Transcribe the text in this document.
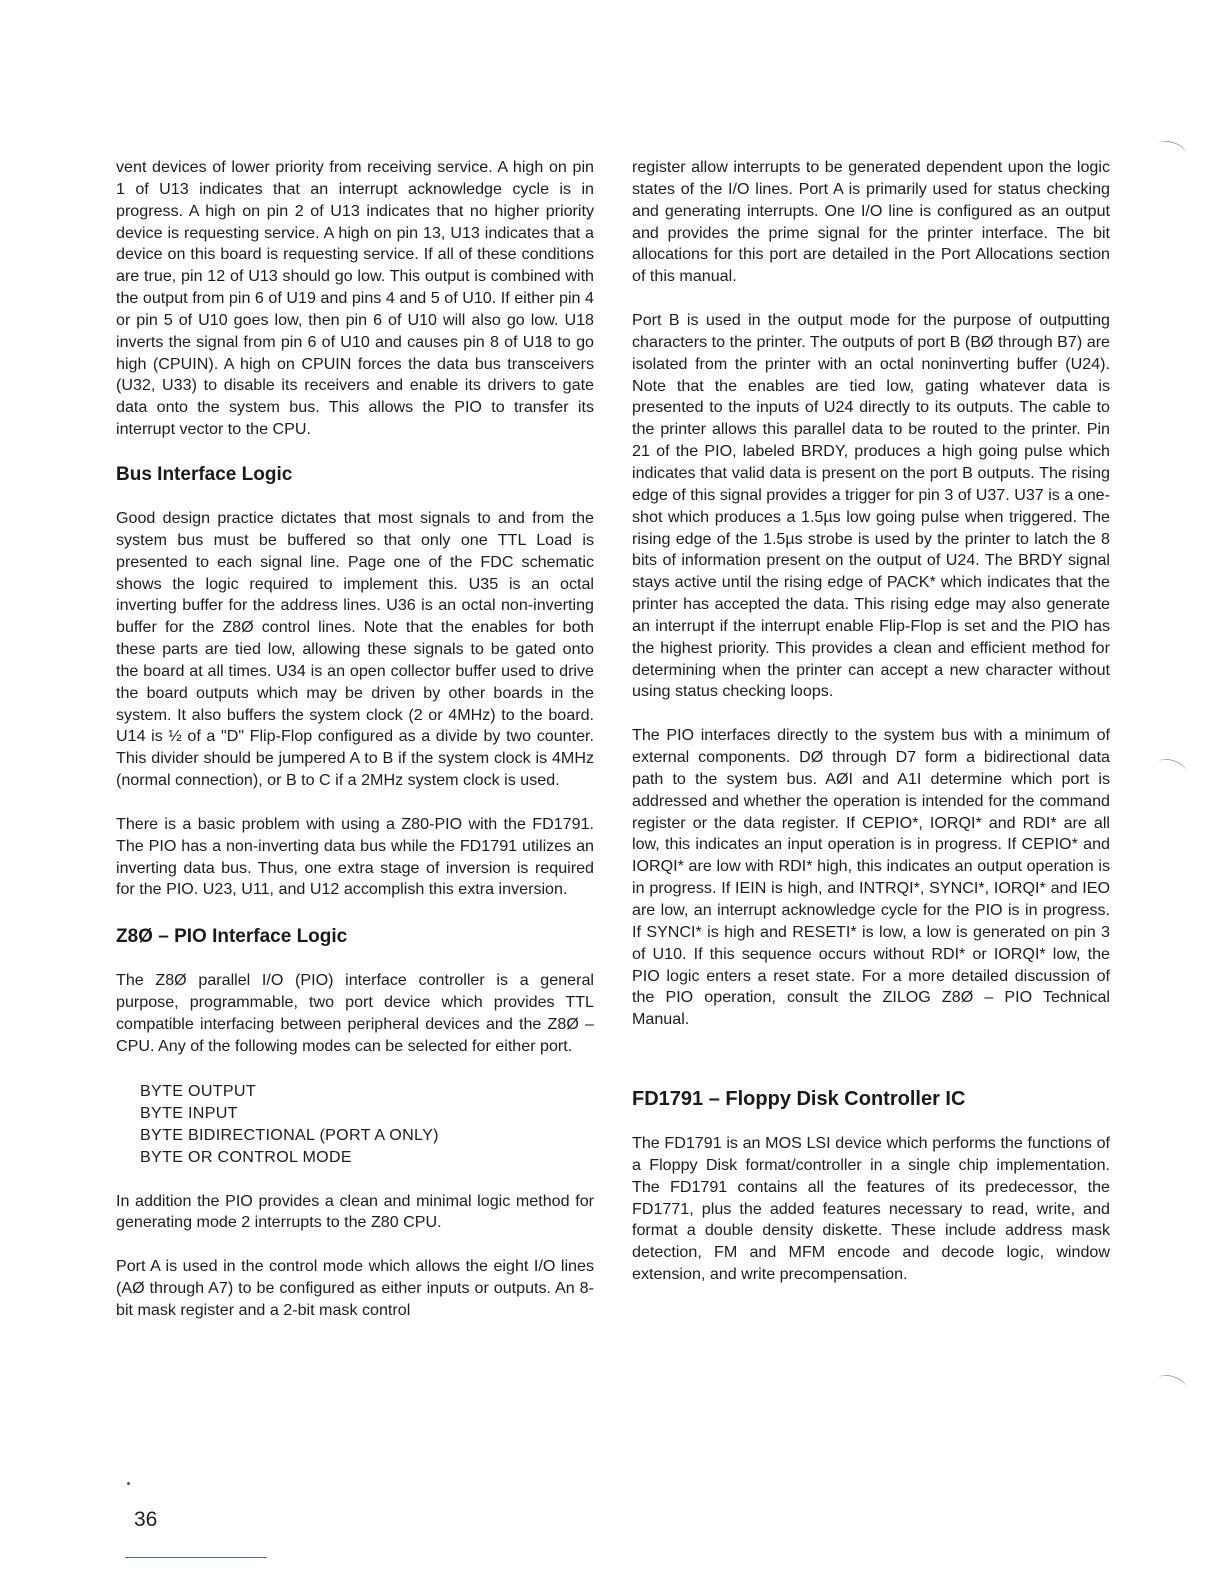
vent devices of lower priority from receiving service. A high on pin 1 of U13 indicates that an interrupt acknowledge cycle is in progress. A high on pin 2 of U13 indicates that no higher priority device is requesting service. A high on pin 13, U13 indicates that a device on this board is requesting service. If all of these conditions are true, pin 12 of U13 should go low. This output is combined with the output from pin 6 of U19 and pins 4 and 5 of U10. If either pin 4 or pin 5 of U10 goes low, then pin 6 of U10 will also go low. U18 inverts the signal from pin 6 of U10 and causes pin 8 of U18 to go high (CPUIN). A high on CPUIN forces the data bus transceivers (U32, U33) to disable its receivers and enable its drivers to gate data onto the system bus. This allows the PIO to transfer its interrupt vector to the CPU.

Bus Interface Logic

Good design practice dictates that most signals to and from the system bus must be buffered so that only one TTL Load is presented to each signal line. Page one of the FDC schematic shows the logic required to implement this. U35 is an octal inverting buffer for the address lines. U36 is an octal non-inverting buffer for the Z8Ø control lines. Note that the enables for both these parts are tied low, allowing these signals to be gated onto the board at all times. U34 is an open collector buffer used to drive the board outputs which may be driven by other boards in the system. It also buffers the system clock (2 or 4MHz) to the board. U14 is ½ of a "D" Flip-Flop configured as a divide by two counter. This divider should be jumpered A to B if the system clock is 4MHz (normal connection), or B to C if a 2MHz system clock is used.

There is a basic problem with using a Z80-PIO with the FD1791. The PIO has a non-inverting data bus while the FD1791 utilizes an inverting data bus. Thus, one extra stage of inversion is required for the PIO. U23, U11, and U12 accomplish this extra inversion.

Z8Ø – PIO Interface Logic

The Z8Ø parallel I/O (PIO) interface controller is a general purpose, programmable, two port device which provides TTL compatible interfacing between peripheral devices and the Z8Ø –CPU. Any of the following modes can be selected for either port.

BYTE OUTPUT
BYTE INPUT
BYTE BIDIRECTIONAL (PORT A ONLY)
BYTE OR CONTROL MODE

In addition the PIO provides a clean and minimal logic method for generating mode 2 interrupts to the Z80 CPU.

Port A is used in the control mode which allows the eight I/O lines (AØ through A7) to be configured as either inputs or outputs. An 8-bit mask register and a 2-bit mask control

register allow interrupts to be generated dependent upon the logic states of the I/O lines. Port A is primarily used for status checking and generating interrupts. One I/O line is configured as an output and provides the prime signal for the printer interface. The bit allocations for this port are detailed in the Port Allocations section of this manual.

Port B is used in the output mode for the purpose of outputting characters to the printer. The outputs of port B (BØ through B7) are isolated from the printer with an octal noninverting buffer (U24). Note that the enables are tied low, gating whatever data is presented to the inputs of U24 directly to its outputs. The cable to the printer allows this parallel data to be routed to the printer. Pin 21 of the PIO, labeled BRDY, produces a high going pulse which indicates that valid data is present on the port B outputs. The rising edge of this signal provides a trigger for pin 3 of U37. U37 is a one-shot which produces a 1.5µs low going pulse when triggered. The rising edge of the 1.5µs strobe is used by the printer to latch the 8 bits of information present on the output of U24. The BRDY signal stays active until the rising edge of PACK* which indicates that the printer has accepted the data. This rising edge may also generate an interrupt if the interrupt enable Flip-Flop is set and the PIO has the highest priority. This provides a clean and efficient method for determining when the printer can accept a new character without using status checking loops.

The PIO interfaces directly to the system bus with a minimum of external components. DØ through D7 form a bidirectional data path to the system bus. AØI and A1I determine which port is addressed and whether the operation is intended for the command register or the data register. If CEPIO*, IORQI* and RDI* are all low, this indicates an input operation is in progress. If CEPIO* and IORQI* are low with RDI* high, this indicates an output operation is in progress. If IEIN is high, and INTRQI*, SYNCI*, IORQI* and IEO are low, an interrupt acknowledge cycle for the PIO is in progress. If SYNCI* is high and RESETI* is low, a low is generated on pin 3 of U10. If this sequence occurs without RDI* or IORQI* low, the PIO logic enters a reset state. For a more detailed discussion of the PIO operation, consult the ZILOG Z8Ø – PIO Technical Manual.

FD1791 – Floppy Disk Controller IC

The FD1791 is an MOS LSI device which performs the functions of a Floppy Disk format/controller in a single chip implementation. The FD1791 contains all the features of its predecessor, the FD1771, plus the added features necessary to read, write, and format a double density diskette. These include address mask detection, FM and MFM encode and decode logic, window extension, and write precompensation.

36
